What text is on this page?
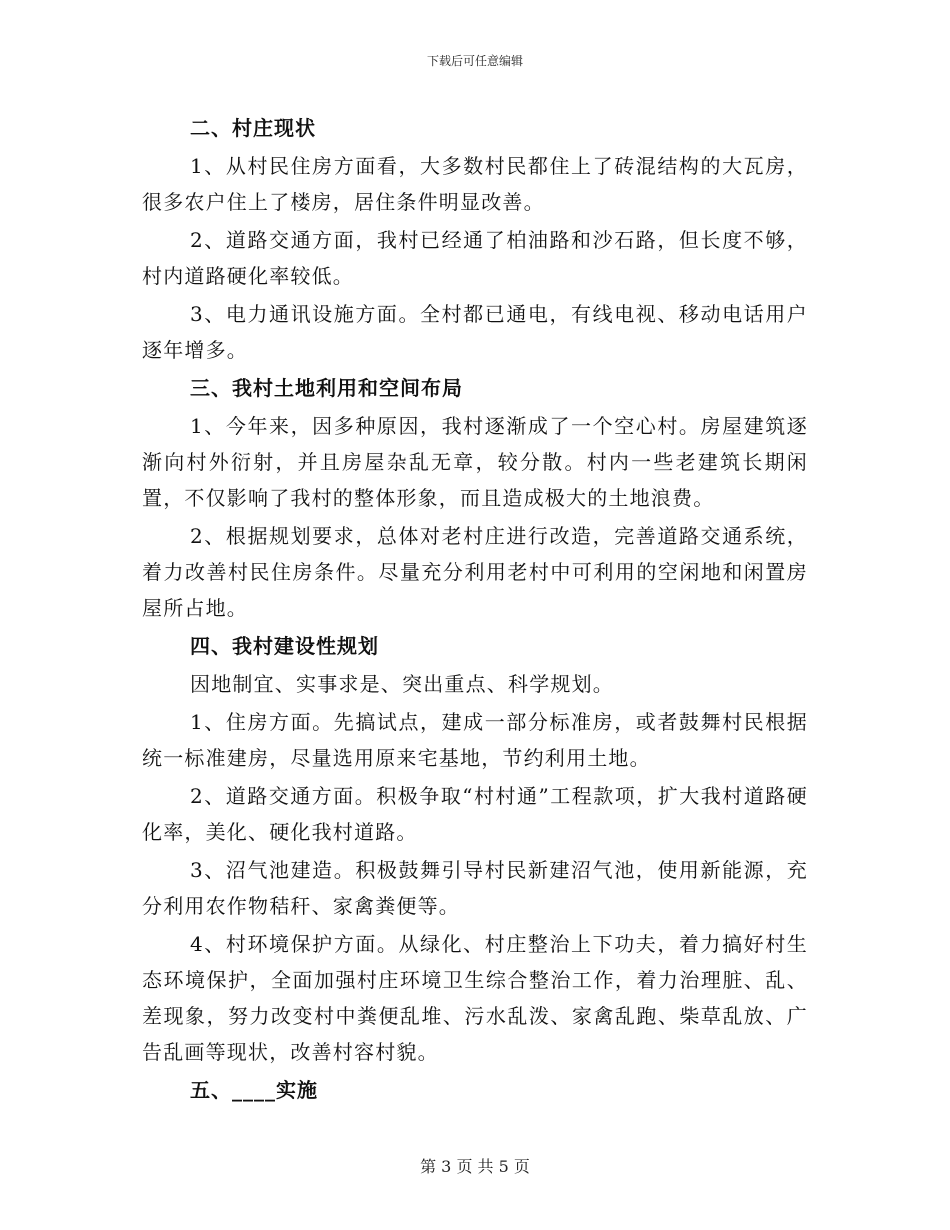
下载后可任意编辑

二、村庄现状

1、从村民住房方面看，大多数村民都住上了砖混结构的大瓦房，很多农户住上了楼房，居住条件明显改善。

2、道路交通方面，我村已经通了柏油路和沙石路，但长度不够，村内道路硬化率较低。

3、电力通讯设施方面。全村都已通电，有线电视、移动电话用户逐年增多。

三、我村土地利用和空间布局

1、今年来，因多种原因，我村逐渐成了一个空心村。房屋建筑逐渐向村外衍射，并且房屋杂乱无章，较分散。村内一些老建筑长期闲置，不仅影响了我村的整体形象，而且造成极大的土地浪费。

2、根据规划要求，总体对老村庄进行改造，完善道路交通系统，着力改善村民住房条件。尽量充分利用老村中可利用的空闲地和闲置房屋所占地。

四、我村建设性规划

因地制宜、实事求是、突出重点、科学规划。

1、住房方面。先搞试点，建成一部分标准房，或者鼓舞村民根据统一标准建房，尽量选用原来宅基地，节约利用土地。

2、道路交通方面。积极争取“村村通”工程款项，扩大我村道路硬化率，美化、硬化我村道路。

3、沼气池建造。积极鼓舞引导村民新建沼气池，使用新能源，充分利用农作物秸秆、家禽粪便等。

4、村环境保护方面。从绿化、村庄整治上下功夫，着力搞好村生态环境保护，全面加强村庄环境卫生综合整治工作，着力治理脏、乱、差现象，努力改变村中粪便乱堆、污水乱泼、家禽乱跑、柴草乱放、广告乱画等现状，改善村容村貌。

五、____实施

第 3 页 共 5 页
